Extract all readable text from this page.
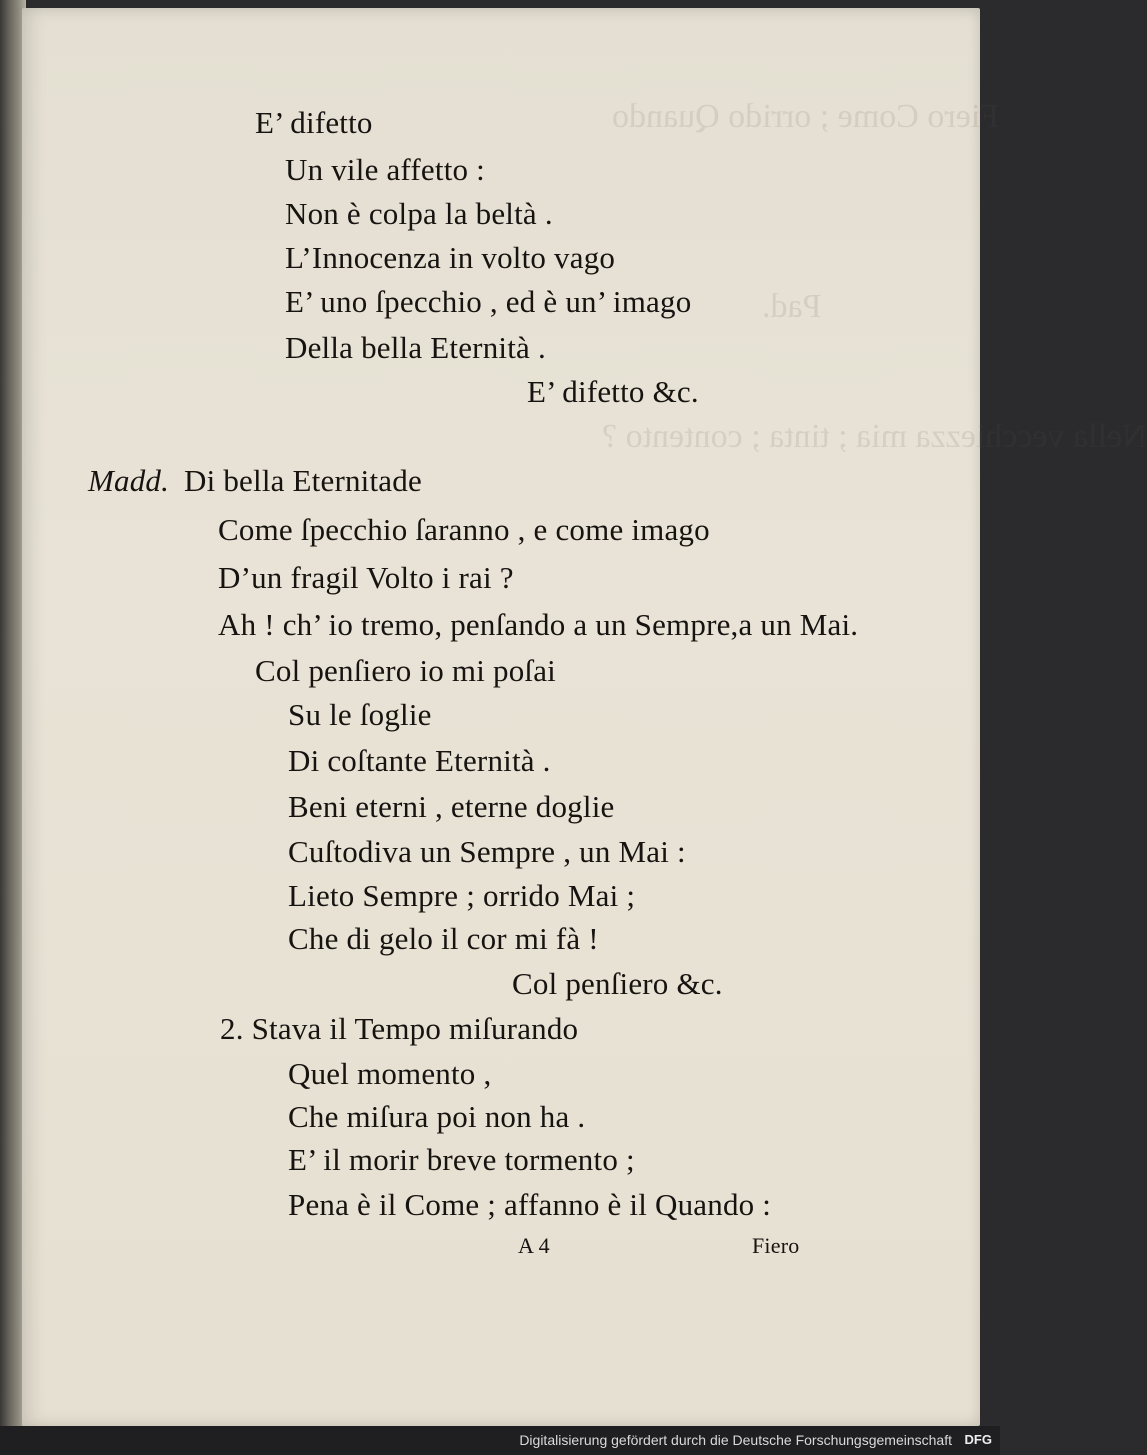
Fiero Come ; orrido Quando
Pad.
Nella vecchiezza mia ; tinta ; contento ?
E’ difetto
Un vile affetto :
Non è colpa la beltà .
L’Innocenza in volto vago
E’ uno ſpecchio , ed è un’ imago
Della bella Eternità .
E’ difetto &c.
Madd. Di bella Eternitade
Come ſpecchio ſaranno , e come imago
D’un fragil Volto i rai ?
Ah ! ch’ io tremo, penſando a un Sempre,a un Mai.
Col penſiero io mi poſai
Su le ſoglie
Di coſtante Eternità .
Beni eterni , eterne doglie
Cuſtodiva un Sempre , un Mai :
Lieto Sempre ; orrido Mai ;
Che di gelo il cor mi fà !
Col penſiero &c.
2. Stava il Tempo miſurando
Quel momento ,
Che miſura poi non ha .
E’ il morir breve tormento ;
Pena è il Come ; affanno è il Quando :
A 4	Fiero
Digitalisierung gefördert durch die Deutsche Forschungsgemeinschaft DFG
